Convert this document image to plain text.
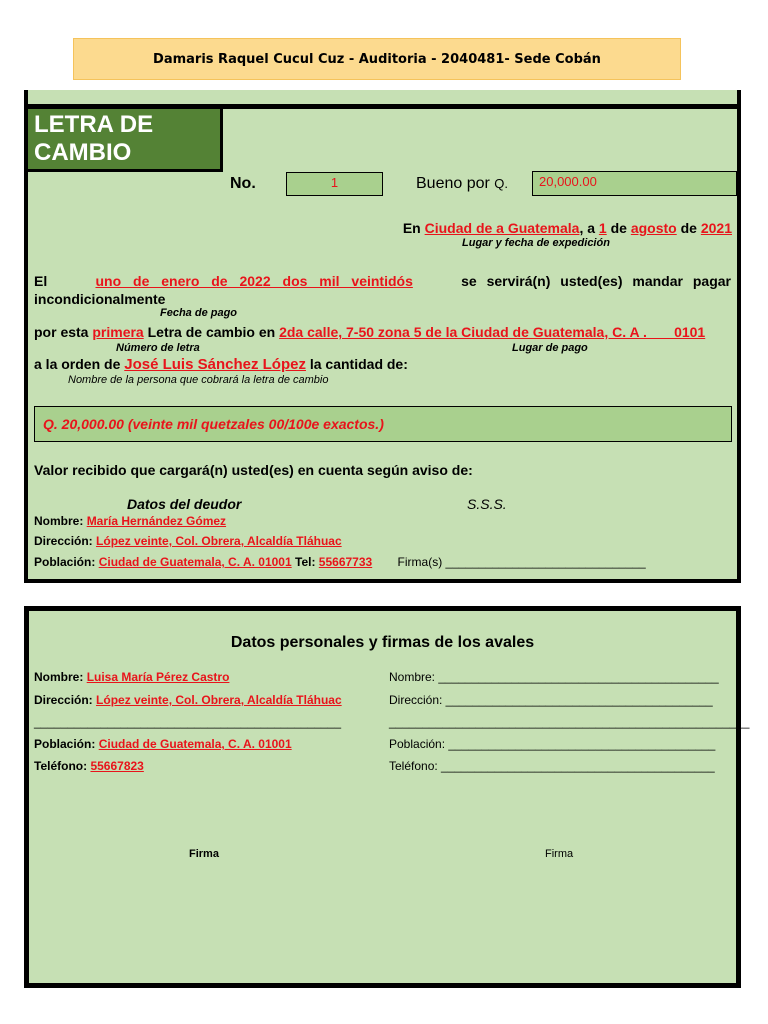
Damaris Raquel Cucul Cuz - Auditoria - 2040481- Sede Cobán
LETRA DE
CAMBIO
No.	1	Bueno por Q.	20,000.00
En Ciudad de a Guatemala, a 1 de agosto de 2021
Lugar y fecha de expedición
El	uno de enero de 2022 dos mil veintidós	se servirá(n) usted(es) mandar pagar
incondicionalmente
Fecha de pago
por esta primera Letra de cambio en 2da calle, 7-50 zona 5 de la Ciudad de Guatemala, C. A .       0101
Número de letra	Lugar de pago
a la orden de José Luis Sánchez López la cantidad de:
Nombre de la persona que cobrará la letra de cambio
Q. 20,000.00 (veinte mil quetzales 00/100e exactos.)
Valor recibido que cargará(n) usted(es) en cuenta según aviso de:
Datos del deudor	S.S.S.
Nombre: María Hernández Gómez
Dirección: López veinte, Col. Obrera, Alcaldía Tláhuac
Población: Ciudad de Guatemala, C. A. 01001 Tel: 55667733 Firma(s) ______________________________
Datos personales y firmas de los avales
Nombre: Luisa María Pérez Castro
Dirección: López veinte, Col. Obrera, Alcaldía Tláhuac
______________________________________________
Población: Ciudad de Guatemala, C. A. 01001
Teléfono: 55667823
Firma
Nombre: __________________________________________
Dirección: ________________________________________
______________________________________________________
Población: ________________________________________
Teléfono: _________________________________________
Firma
